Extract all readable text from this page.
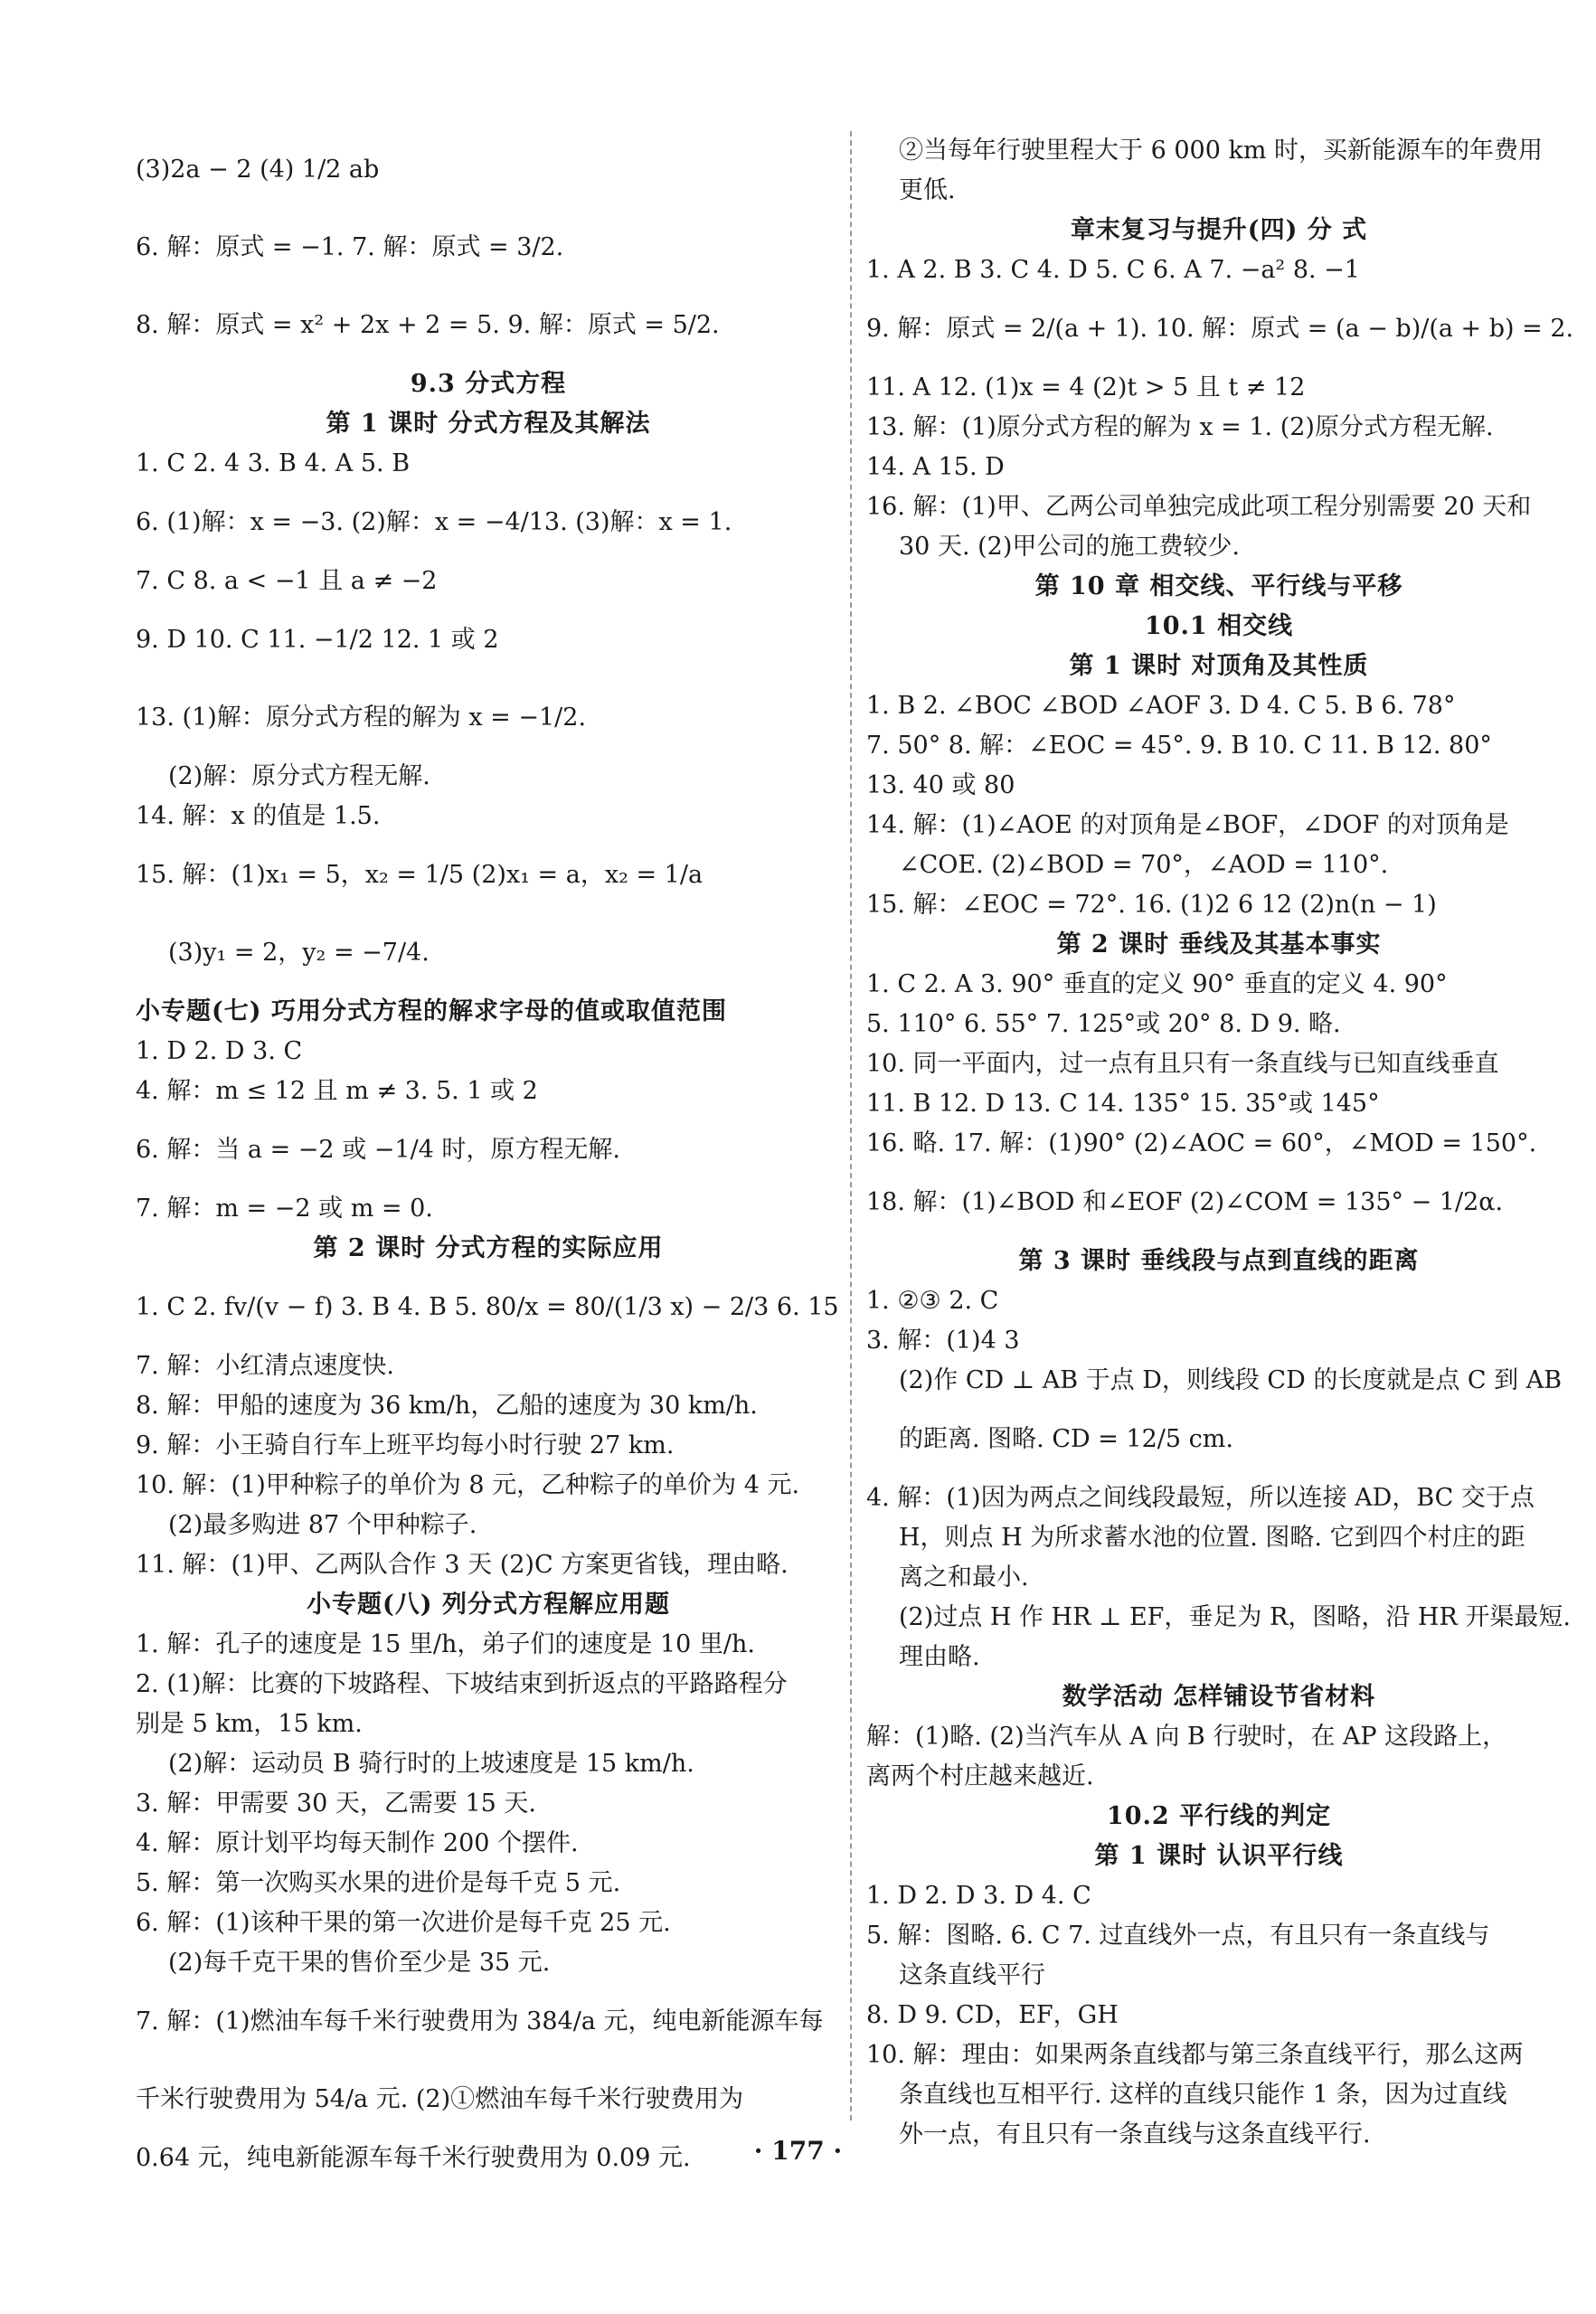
(3)2a − 2 (4) 1/2 ab
6. 解：原式 = −1. 7. 解：原式 = 3/2.
8. 解：原式 = x² + 2x + 2 = 5. 9. 解：原式 = 5/2.
9.3 分式方程
第 1 课时 分式方程及其解法
1. C 2. 4 3. B 4. A 5. B
6. (1)解：x = −3. (2)解：x = −4/13. (3)解：x = 1.
7. C 8. a < −1 且 a ≠ −2
9. D 10. C 11. −1/2 12. 1 或 2
13. (1)解：原分式方程的解为 x = −1/2.
(2)解：原分式方程无解.
14. 解：x 的值是 1.5.
15. 解：(1)x₁ = 5，x₂ = 1/5 (2)x₁ = a，x₂ = 1/a
(3)y₁ = 2，y₂ = −7/4.
小专题(七) 巧用分式方程的解求字母的值或取值范围
1. D 2. D 3. C
4. 解：m ≤ 12 且 m ≠ 3. 5. 1 或 2
6. 解：当 a = −2 或 −1/4 时，原方程无解.
7. 解：m = −2 或 m = 0.
第 2 课时 分式方程的实际应用
1. C 2. fv/(v − f) 3. B 4. B 5. 80/x = 80/(1/3 x) − 2/3 6. 15
7. 解：小红清点速度快.
8. 解：甲船的速度为 36 km/h，乙船的速度为 30 km/h.
9. 解：小王骑自行车上班平均每小时行驶 27 km.
10. 解：(1)甲种粽子的单价为 8 元，乙种粽子的单价为 4 元.
(2)最多购进 87 个甲种粽子.
11. 解：(1)甲、乙两队合作 3 天 (2)C 方案更省钱，理由略.
小专题(八) 列分式方程解应用题
1. 解：孔子的速度是 15 里/h，弟子们的速度是 10 里/h.
2. (1)解：比赛的下坡路程、下坡结束到折返点的平路路程分
别是 5 km，15 km.
(2)解：运动员 B 骑行时的上坡速度是 15 km/h.
3. 解：甲需要 30 天，乙需要 15 天.
4. 解：原计划平均每天制作 200 个摆件.
5. 解：第一次购买水果的进价是每千克 5 元.
6. 解：(1)该种干果的第一次进价是每千克 25 元.
(2)每千克干果的售价至少是 35 元.
7. 解：(1)燃油车每千米行驶费用为 384/a 元，纯电新能源车每
千米行驶费用为 54/a 元. (2)①燃油车每千米行驶费用为
0.64 元，纯电新能源车每千米行驶费用为 0.09 元.
②当每年行驶里程大于 6 000 km 时，买新能源车的年费用
更低.
章末复习与提升(四) 分 式
1. A 2. B 3. C 4. D 5. C 6. A 7. −a² 8. −1
9. 解：原式 = 2/(a + 1). 10. 解：原式 = (a − b)/(a + b) = 2.
11. A 12. (1)x = 4 (2)t > 5 且 t ≠ 12
13. 解：(1)原分式方程的解为 x = 1. (2)原分式方程无解.
14. A 15. D
16. 解：(1)甲、乙两公司单独完成此项工程分别需要 20 天和
30 天. (2)甲公司的施工费较少.
第 10 章 相交线、平行线与平移
10.1 相交线
第 1 课时 对顶角及其性质
1. B 2. ∠BOC ∠BOD ∠AOF 3. D 4. C 5. B 6. 78°
7. 50° 8. 解：∠EOC = 45°. 9. B 10. C 11. B 12. 80°
13. 40 或 80
14. 解：(1)∠AOE 的对顶角是∠BOF，∠DOF 的对顶角是
∠COE. (2)∠BOD = 70°，∠AOD = 110°.
15. 解：∠EOC = 72°. 16. (1)2 6 12 (2)n(n − 1)
第 2 课时 垂线及其基本事实
1. C 2. A 3. 90° 垂直的定义 90° 垂直的定义 4. 90°
5. 110° 6. 55° 7. 125°或 20° 8. D 9. 略.
10. 同一平面内，过一点有且只有一条直线与已知直线垂直
11. B 12. D 13. C 14. 135° 15. 35°或 145°
16. 略. 17. 解：(1)90° (2)∠AOC = 60°，∠MOD = 150°.
18. 解：(1)∠BOD 和∠EOF (2)∠COM = 135° − 1/2α.
第 3 课时 垂线段与点到直线的距离
1. ②③ 2. C
3. 解：(1)4 3
(2)作 CD ⊥ AB 于点 D，则线段 CD 的长度就是点 C 到 AB
的距离. 图略. CD = 12/5 cm.
4. 解：(1)因为两点之间线段最短，所以连接 AD，BC 交于点
H，则点 H 为所求蓄水池的位置. 图略. 它到四个村庄的距
离之和最小.
(2)过点 H 作 HR ⊥ EF，垂足为 R，图略，沿 HR 开渠最短.
理由略.
数学活动 怎样铺设节省材料
解：(1)略. (2)当汽车从 A 向 B 行驶时，在 AP 这段路上，
离两个村庄越来越近.
10.2 平行线的判定
第 1 课时 认识平行线
1. D 2. D 3. D 4. C
5. 解：图略. 6. C 7. 过直线外一点，有且只有一条直线与
这条直线平行
8. D 9. CD，EF，GH
10. 解：理由：如果两条直线都与第三条直线平行，那么这两
条直线也互相平行. 这样的直线只能作 1 条，因为过直线
外一点，有且只有一条直线与这条直线平行.
· 177 ·
